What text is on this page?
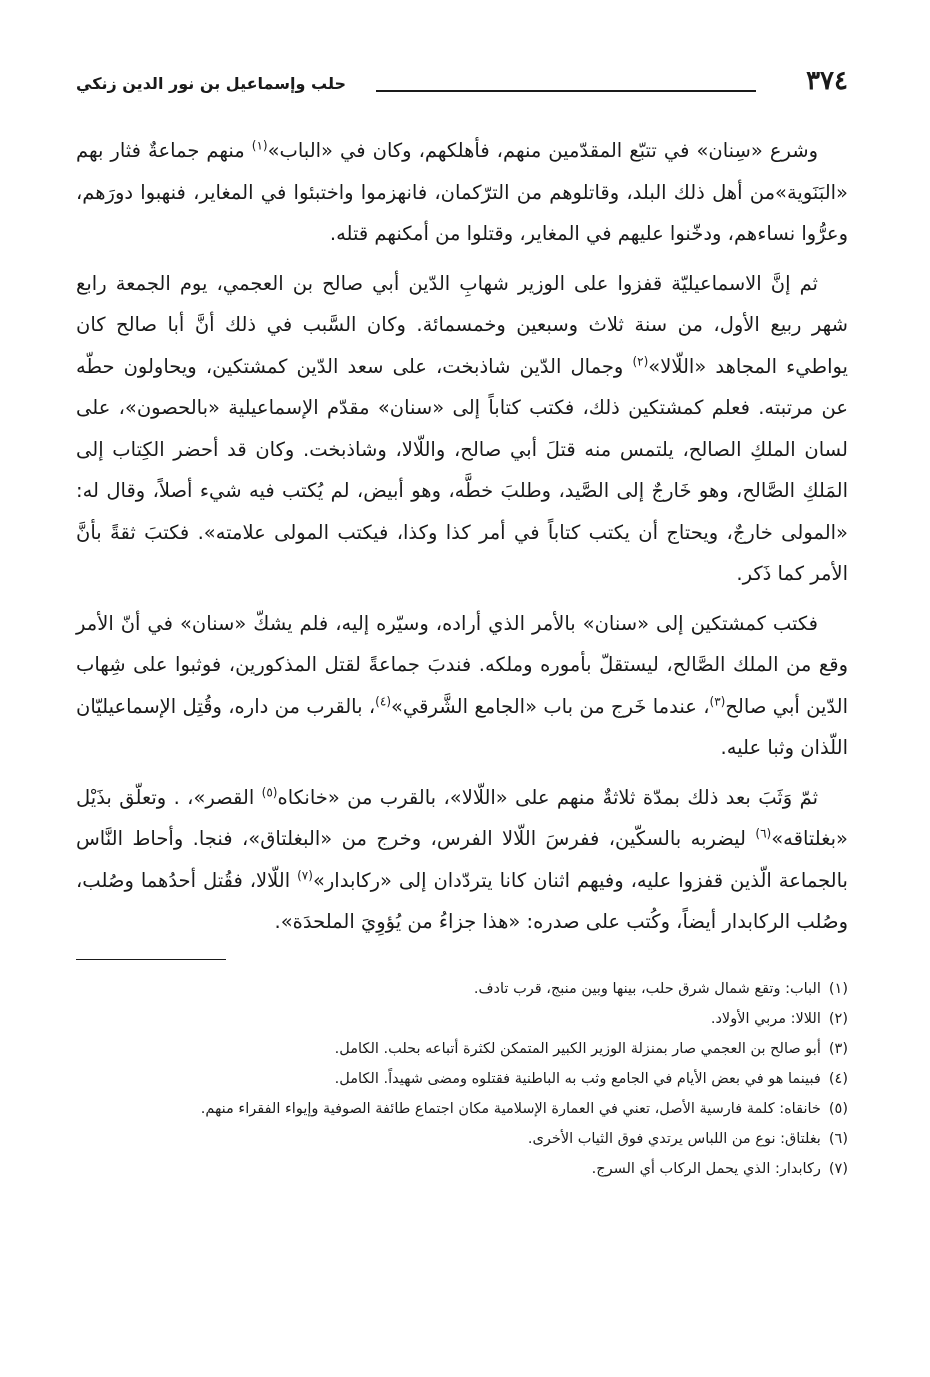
٣٧٤
حلب وإسماعيل بن نور الدين زنكي

وشرع «سِنان» في تتبّع المقدّمين منهم، فأهلكهم، وكان في «الباب»$^{(١)}$ منهم جماعةٌ فثار بهم «البَنَوية»من أهل ذلك البلد، وقاتلوهم من الترّكمان، فانهزموا واختبئوا في المغاير، فنهبوا دورَهم، وعرُّوا نساءهم، ودخّنوا عليهم في المغاير، وقتلوا من أمكنهم قتله.

ثم إنَّ الاسماعيليّة قفزوا على الوزير شهابِ الدّين أبي صالح بن العجمي، يوم الجمعة رابع شهر ربيع الأول، من سنة ثلاث وسبعين وخمسمائة. وكان السَّبب في ذلك أنَّ أبا صالح كان يواطيء المجاهد «اللّالا»$^{(٢)}$ وجمال الدّين شاذبخت، على سعد الدّين كمشتكين، ويحاولون حطّه عن مرتبته. فعلم كمشتكين ذلك، فكتب كتاباً إلى «سنان» مقدّم الإسماعيلية «بالحصون»، على لسان الملكِ الصالح، يلتمس منه قتلَ أبي صالح، واللّالا، وشاذبخت. وكان قد أحضر الكِتاب إلى المَلكِ الصَّالح، وهو خَارجٌ إلى الصَّيد، وطلبَ خطَّه، وهو أبيض، لم يُكتب فيه شيء أصلاً، وقال له: «المولى خارجٌ، ويحتاج أن يكتب كتاباً في أمر كذا وكذا، فيكتب المولى علامته». فكتبَ ثقةً بأنَّ الأمر كما ذَكر.

فكتب كمشتكين إلى «سنان» بالأمر الذي أراده، وسيّره إليه، فلم يشكّ «سنان» في أنّ الأمر وقع من الملك الصَّالح، ليستقلّ بأموره وملكه. فندبَ جماعةً لقتل المذكورين، فوثبوا على شِهاب الدّين أبي صالح$^{(٣)}$، عندما خَرج من باب «الجامع الشَّرقي»$^{(٤)}$، بالقرب من داره، وقُتِل الإسماعيليّان اللّذان وثبا عليه.

ثمّ وَثَبَ بعد ذلك بمدّة ثلاثةٌ منهم على «اللّالا»، بالقرب من «خانكاه$^{(٥)}$ القصر»، . وتعلّق بذَيْل «بغلتاقه»$^{(٦)}$ ليضربه بالسكّين، ففرسَ اللّالا الفرس، وخرج من «البغلتاق»، فنجا. وأحاط النَّاس بالجماعة الّذين قفزوا عليه، وفيهم اثنان كانا يتردّدان إلى «ركابدار»$^{(٧)}$ اللّالا، فقُتل أحدُهما وصُلب، وصُلب الركابدار أيضاً، وكُتب على صدره: «هذا جزاءُ من يُؤوِيَ الملحدَة».

(١)الباب: وتقع شمال شرق حلب، بينها وبين منبج، قرب تادف.

(٢)اللالا: مربي الأولاد.

(٣)أبو صالح بن العجمي صار بمنزلة الوزير الكبير المتمكن لكثرة أتباعه بحلب. الكامل.

(٤)فبينما هو في بعض الأيام في الجامع وثب به الباطنية فقتلوه ومضى شهيداً. الكامل.

(٥)خانقاه: كلمة فارسية الأصل، تعني في العمارة الإسلامية مكان اجتماع طائفة الصوفية وإيواء الفقراء منهم.

(٦)بغلتاق: نوع من اللباس يرتدي فوق الثياب الأخرى.

(٧)ركابدار: الذي يحمل الركاب أي السرج.
